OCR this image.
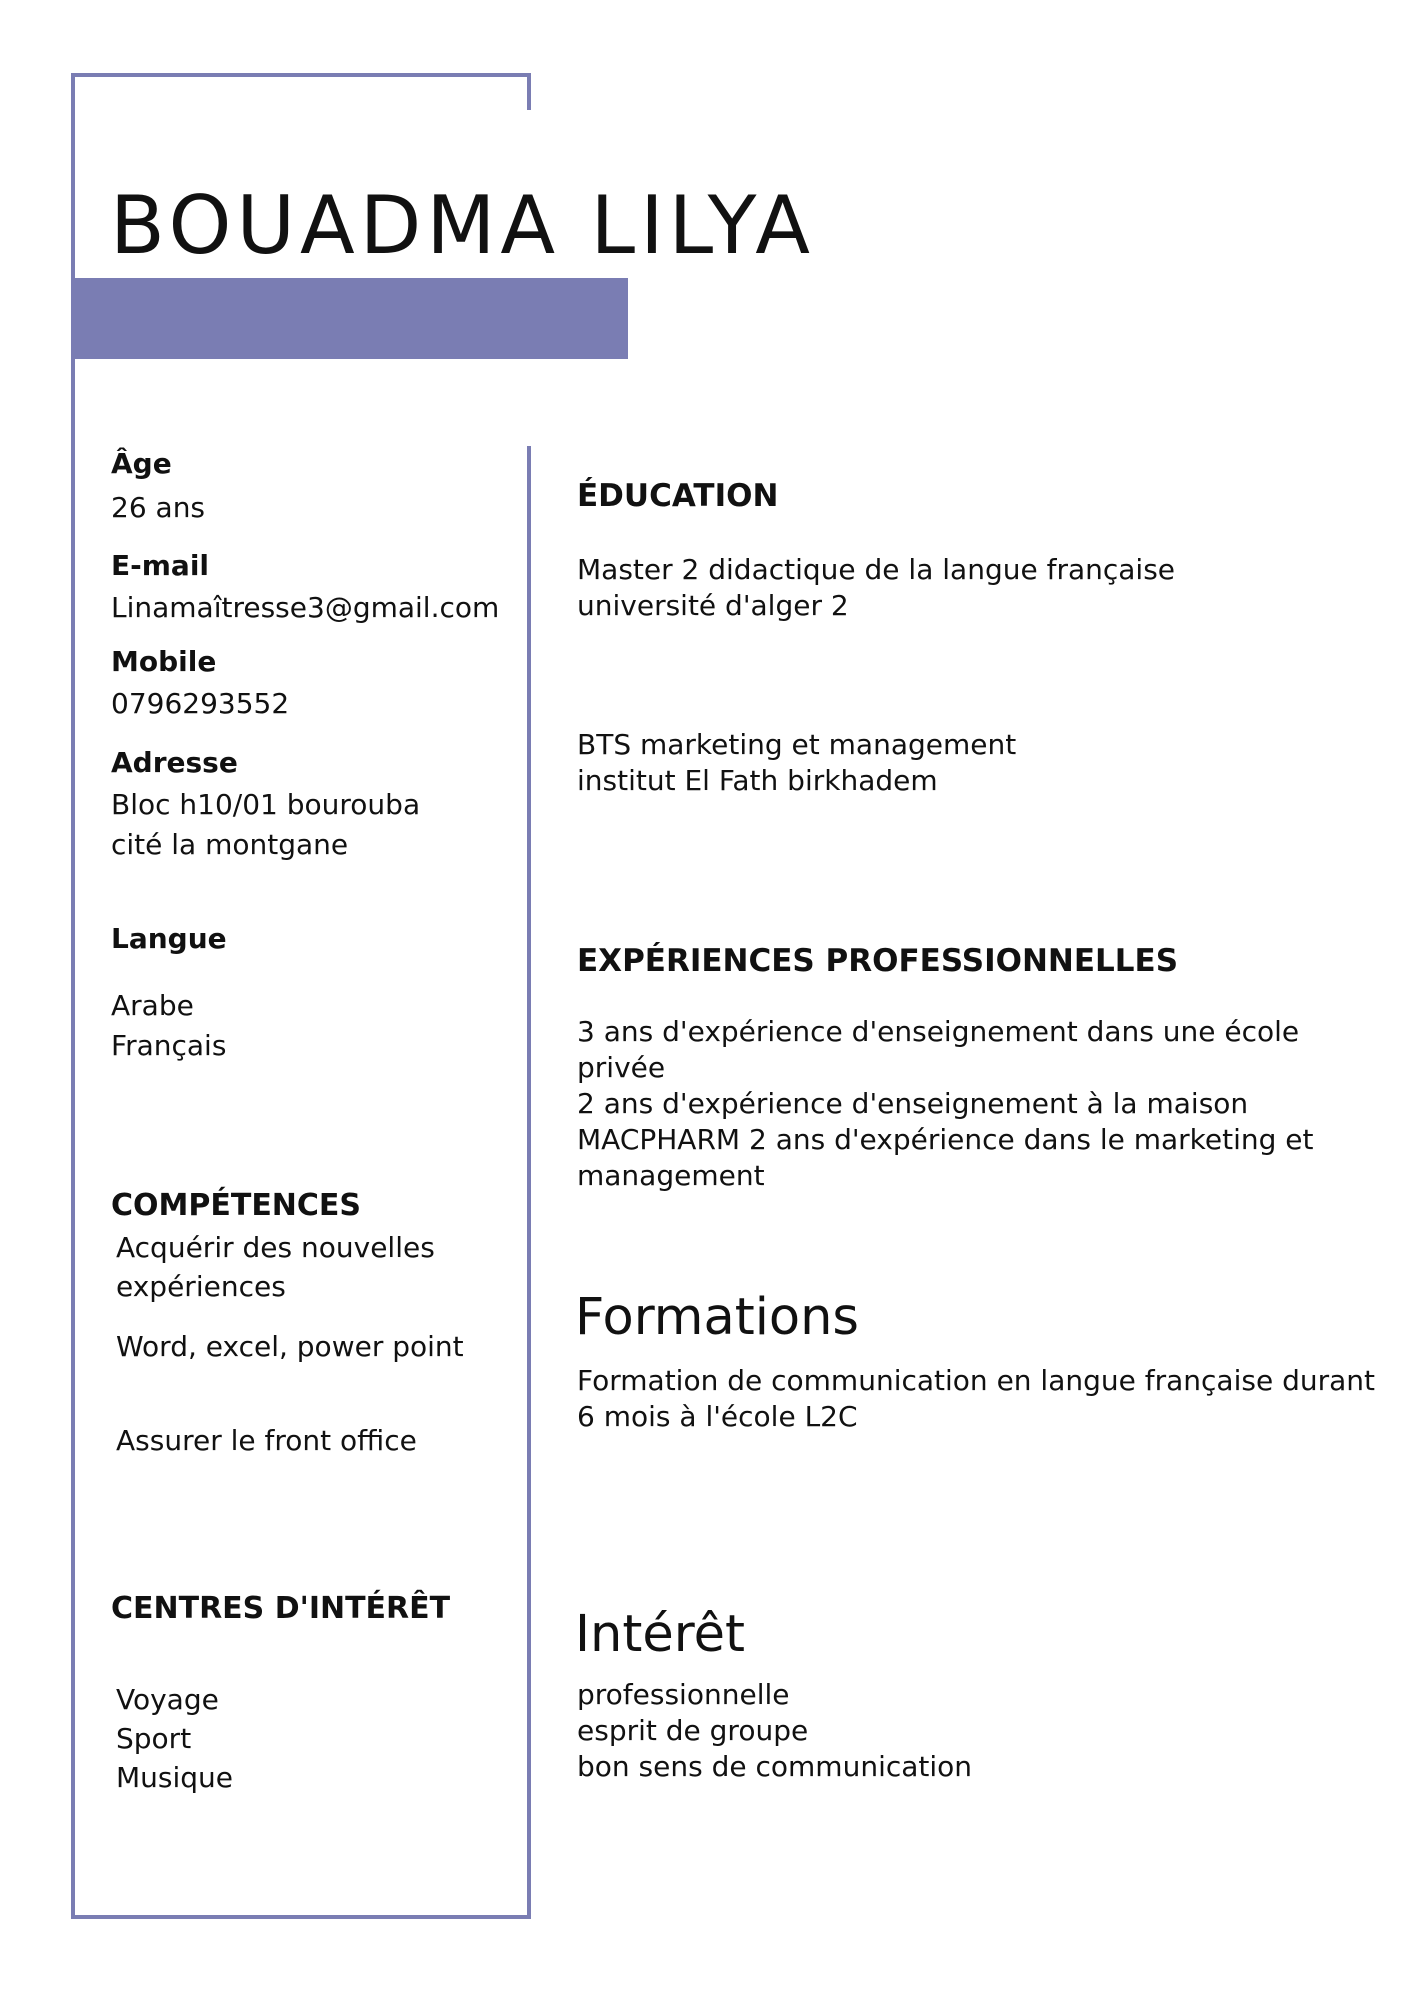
BOUADMA LILYA
Âge
26 ans
E-mail
Linamaîtresse3@gmail.com
Mobile
0796293552
Adresse
Bloc h10/01 bourouba
cité la montgane
Langue
Arabe
Français
COMPÉTENCES
Acquérir des nouvelles
expériences
Word, excel, power point
Assurer le front office
CENTRES D'INTÉRÊT
Voyage
Sport
Musique
ÉDUCATION
Master 2 didactique de la langue française
université d'alger 2
BTS marketing et management
institut El Fath birkhadem
EXPÉRIENCES PROFESSIONNELLES
3 ans d'expérience d'enseignement dans une école
privée
2 ans d'expérience d'enseignement à la maison
MACPHARM 2 ans d'expérience dans le marketing et
management
Formations
Formation de communication en langue française durant
6 mois à l'école L2C
Intérêt
professionnelle
esprit de groupe
bon sens de communication
